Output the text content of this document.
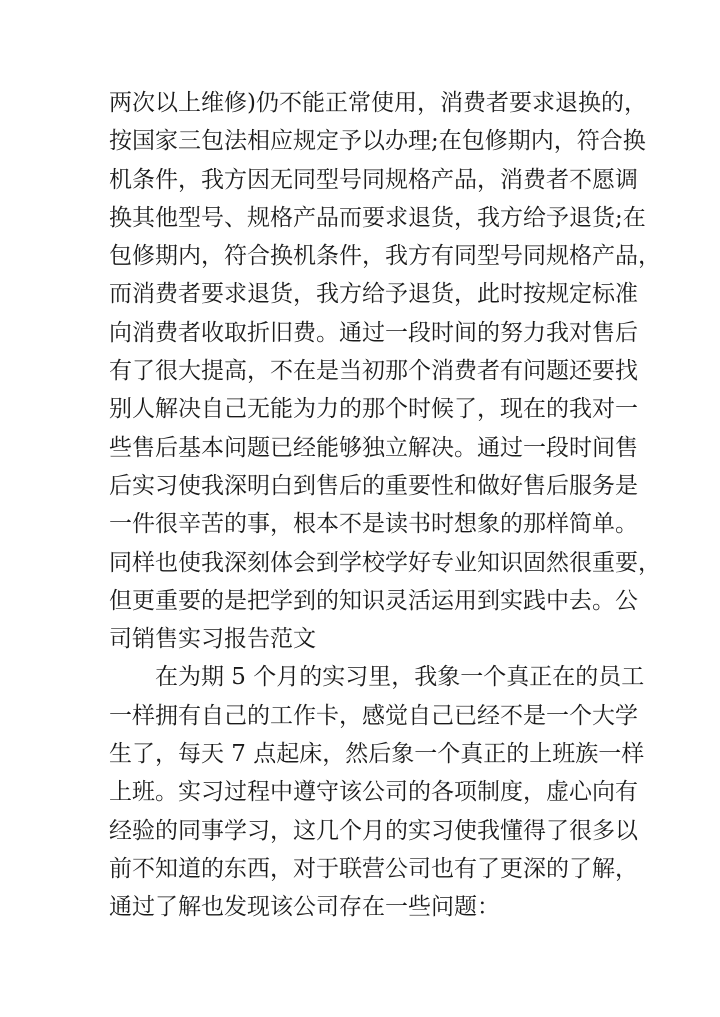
两次以上维修)仍不能正常使用，消费者要求退换的，
按国家三包法相应规定予以办理;在包修期内，符合换
机条件，我方因无同型号同规格产品，消费者不愿调
换其他型号、规格产品而要求退货，我方给予退货;在
包修期内，符合换机条件，我方有同型号同规格产品，
而消费者要求退货，我方给予退货，此时按规定标准
向消费者收取折旧费。通过一段时间的努力我对售后
有了很大提高，不在是当初那个消费者有问题还要找
别人解决自己无能为力的那个时候了，现在的我对一
些售后基本问题已经能够独立解决。通过一段时间售
后实习使我深明白到售后的重要性和做好售后服务是
一件很辛苦的事，根本不是读书时想象的那样简单。
同样也使我深刻体会到学校学好专业知识固然很重要，
但更重要的是把学到的知识灵活运用到实践中去。公
司销售实习报告范文
在为期 5 个月的实习里，我象一个真正在的员工
一样拥有自己的工作卡，感觉自己已经不是一个大学
生了，每天 7 点起床，然后象一个真正的上班族一样
上班。实习过程中遵守该公司的各项制度，虚心向有
经验的同事学习，这几个月的实习使我懂得了很多以
前不知道的东西，对于联营公司也有了更深的了解，
通过了解也发现该公司存在一些问题：
